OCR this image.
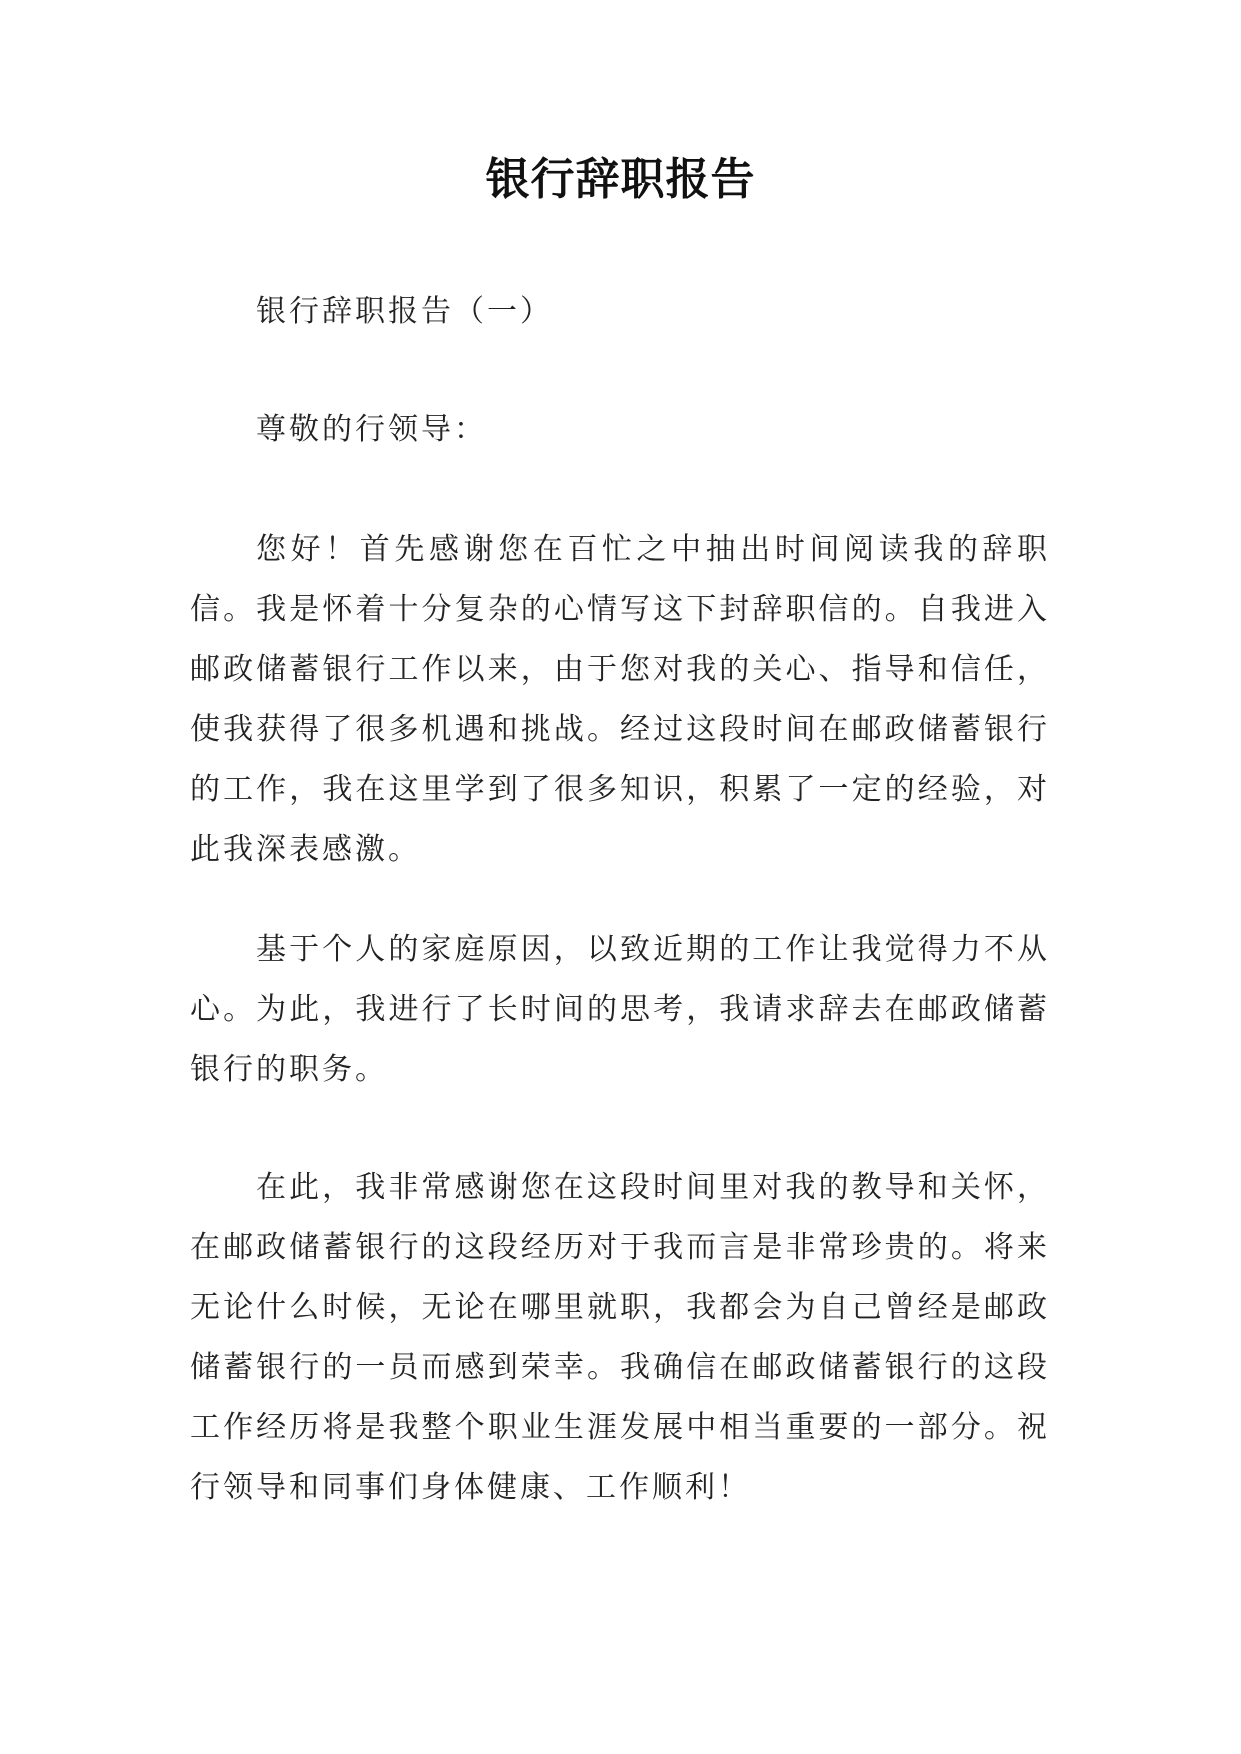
银行辞职报告

银行辞职报告（一）

尊敬的行领导：

您好！首先感谢您在百忙之中抽出时间阅读我的辞职信。我是怀着十分复杂的心情写这下封辞职信的。自我进入邮政储蓄银行工作以来，由于您对我的关心、指导和信任，使我获得了很多机遇和挑战。经过这段时间在邮政储蓄银行的工作，我在这里学到了很多知识，积累了一定的经验，对此我深表感激。

基于个人的家庭原因，以致近期的工作让我觉得力不从心。为此，我进行了长时间的思考，我请求辞去在邮政储蓄银行的职务。

在此，我非常感谢您在这段时间里对我的教导和关怀，在邮政储蓄银行的这段经历对于我而言是非常珍贵的。将来无论什么时候，无论在哪里就职，我都会为自己曾经是邮政储蓄银行的一员而感到荣幸。我确信在邮政储蓄银行的这段工作经历将是我整个职业生涯发展中相当重要的一部分。祝行领导和同事们身体健康、工作顺利！
